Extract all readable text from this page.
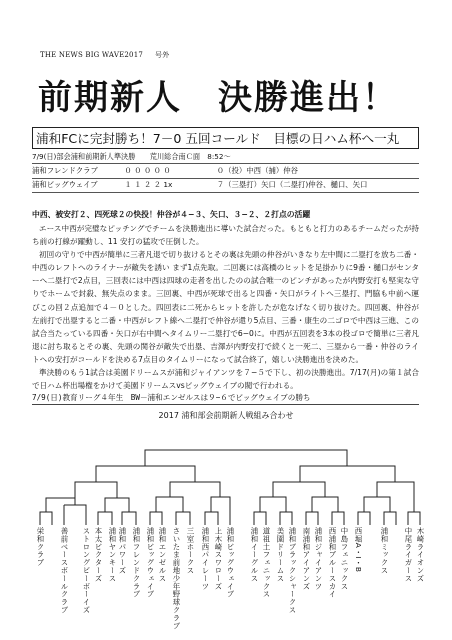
THE NEWS BIG WAVE2017 号外
前期新人　決勝進出！
浦和FCに完封勝ち！7－0 五回コールド　目標の日ハム杯へ一丸
7/9(日)部会浦和前期新人準決勝　　荒川総合南Ｃ面　8:52～
浦和フレンドクラブ	０ ０ ０ ０ ０	０（投）中西（捕）仲谷
浦和ビッグウェイブ	１ １ ２ ２ 1x	７（三塁打）矢口（二塁打)仲谷、樋口、矢口
中西、被安打２、四死球２の快投！仲谷が４−３、矢口、３−２、２打点の活躍

エース中西が完璧なピッチングでチームを決勝進出に導いた試合だった。もともと打力のあるチームだったが持ち前の打線が躍動し、11 安打の猛攻で圧倒した。

初回の守りで中西が簡単に三者凡退で切り抜けるとその裏は先頭の仲谷がいきなり左中間に二塁打を放ち二番・中西のレフトへのライナーが敵失を誘い まず1点先取。二回裏には高橋のヒットを足掛かりに9番・樋口がセンターへ二塁打で2点目，三回表には中西は四球の走者を出したのの試合唯一のピンチがあったが内野安打も堅実な守りでホームで封殺、無失点のまま。三回裏、中西が死球で出ると四番・矢口がライトへ三塁打、門脇も中前へ運びこの回２点追加で４－０とした。四回表に二死からヒットを許したが危なげなく切り抜けた。四回裏、仲谷が左前打で出塁すると二番・中西がレフト線へ二塁打で仲谷が還り5点目、三番・康生の二ゴロで中西は三進、この試合当たっている四番・矢口が右中間へタイムリー二塁打で6−0に。中西が五回表を3本の投ゴロで簡単に三者凡退に討ち取るとその裏、先頭の関谷が敵失で出塁、吉澤が内野安打で続くと一死二、三塁から一番・仲谷のライトへの安打がコールドを決める7点目のタイムリーになって試合終了，嬉しい決勝進出を決めた。

準決勝のもう1試合は美園ドリームスが浦和ジャイアンツを７−５で下し、初の決勝進出。7/17(月)の第１試合で日ハム杯出場権をかけて美園ドリームスvsビッグウェイブの閥で行われる。

7/9(日)教育リーグ４年生　BW－浦和エンゼルスは９−６でビッグウェイブの勝ち
2017 浦和部会前期新人戦組み合わせ
栄和クラブ 善前ベースボールクラブ ストロングビーボーイズ 本太ビクターズ 浦和ヤンキース 浦和パワーズ 浦和フレンドクラブ 浦和ビッグウェイブ 浦和エンゼルス さいたま前地少年野球クラブ 三室ホークス 浦和西パイレーツ 上木崎スワローズ 浦和ビッグウェイブ 浦和イーグルス 道祖土フェニックス 美園ドリームス 浦和ブラックシャークス 南浦和アイアンズ 浦和ジャイアンツ 西浦和ブルースカイ 中島フェニックス 西堀A・I・B 浦和ミックス 中尾ライガース 木崎ライオンズ
